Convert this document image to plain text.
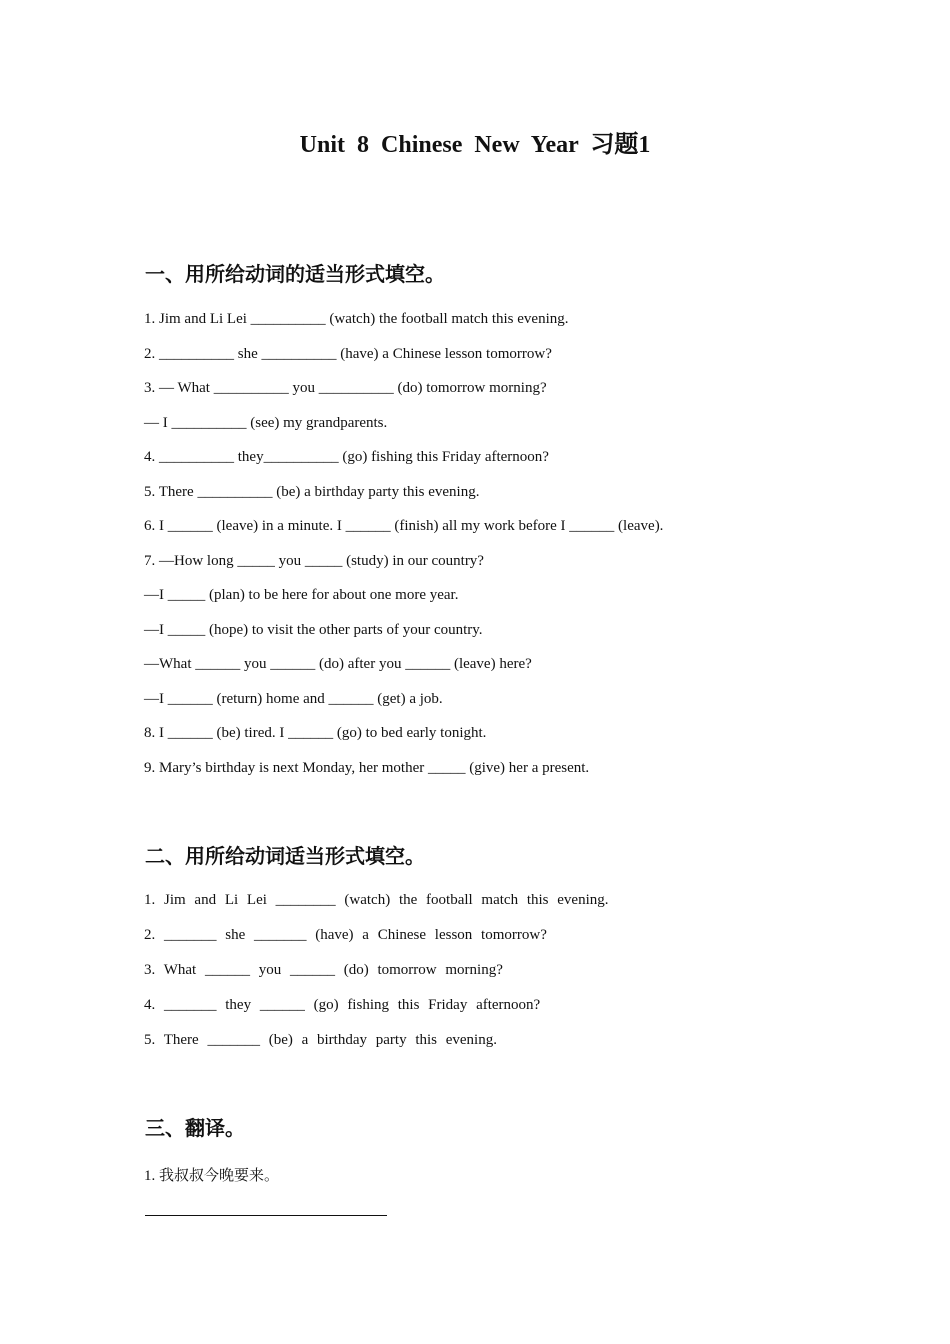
Unit 8 Chinese New Year 习题1
一、用所给动词的适当形式填空。

1. Jim and Li Lei __________ (watch) the football match this evening.

2. __________ she __________ (have) a Chinese lesson tomorrow?

3. — What __________ you __________ (do) tomorrow morning?

— I __________ (see) my grandparents.

4. __________ they__________ (go) fishing this Friday afternoon?

5. There __________ (be) a birthday party this evening.

6. I ______ (leave) in a minute. I ______ (finish) all my work before I ______ (leave).

7. —How long _____ you _____ (study) in our country?

—I _____ (plan) to be here for about one more year.

—I _____ (hope) to visit the other parts of your country.

—What ______ you ______ (do) after you ______ (leave) here?

—I ______ (return) home and ______ (get) a job.

8. I ______ (be) tired. I ______ (go) to bed early tonight.

9. Mary’s birthday is next Monday, her mother _____ (give) her a present.

二、用所给动词适当形式填空。

1. Jim and Li Lei ________ (watch) the football match this evening.

2. _______ she _______ (have) a Chinese lesson tomorrow?

3. What ______ you ______ (do) tomorrow morning?

4. _______ they ______ (go) fishing this Friday afternoon?

5. There _______ (be) a birthday party this evening.

三、翻译。

1. 我叔叔今晚要来。
